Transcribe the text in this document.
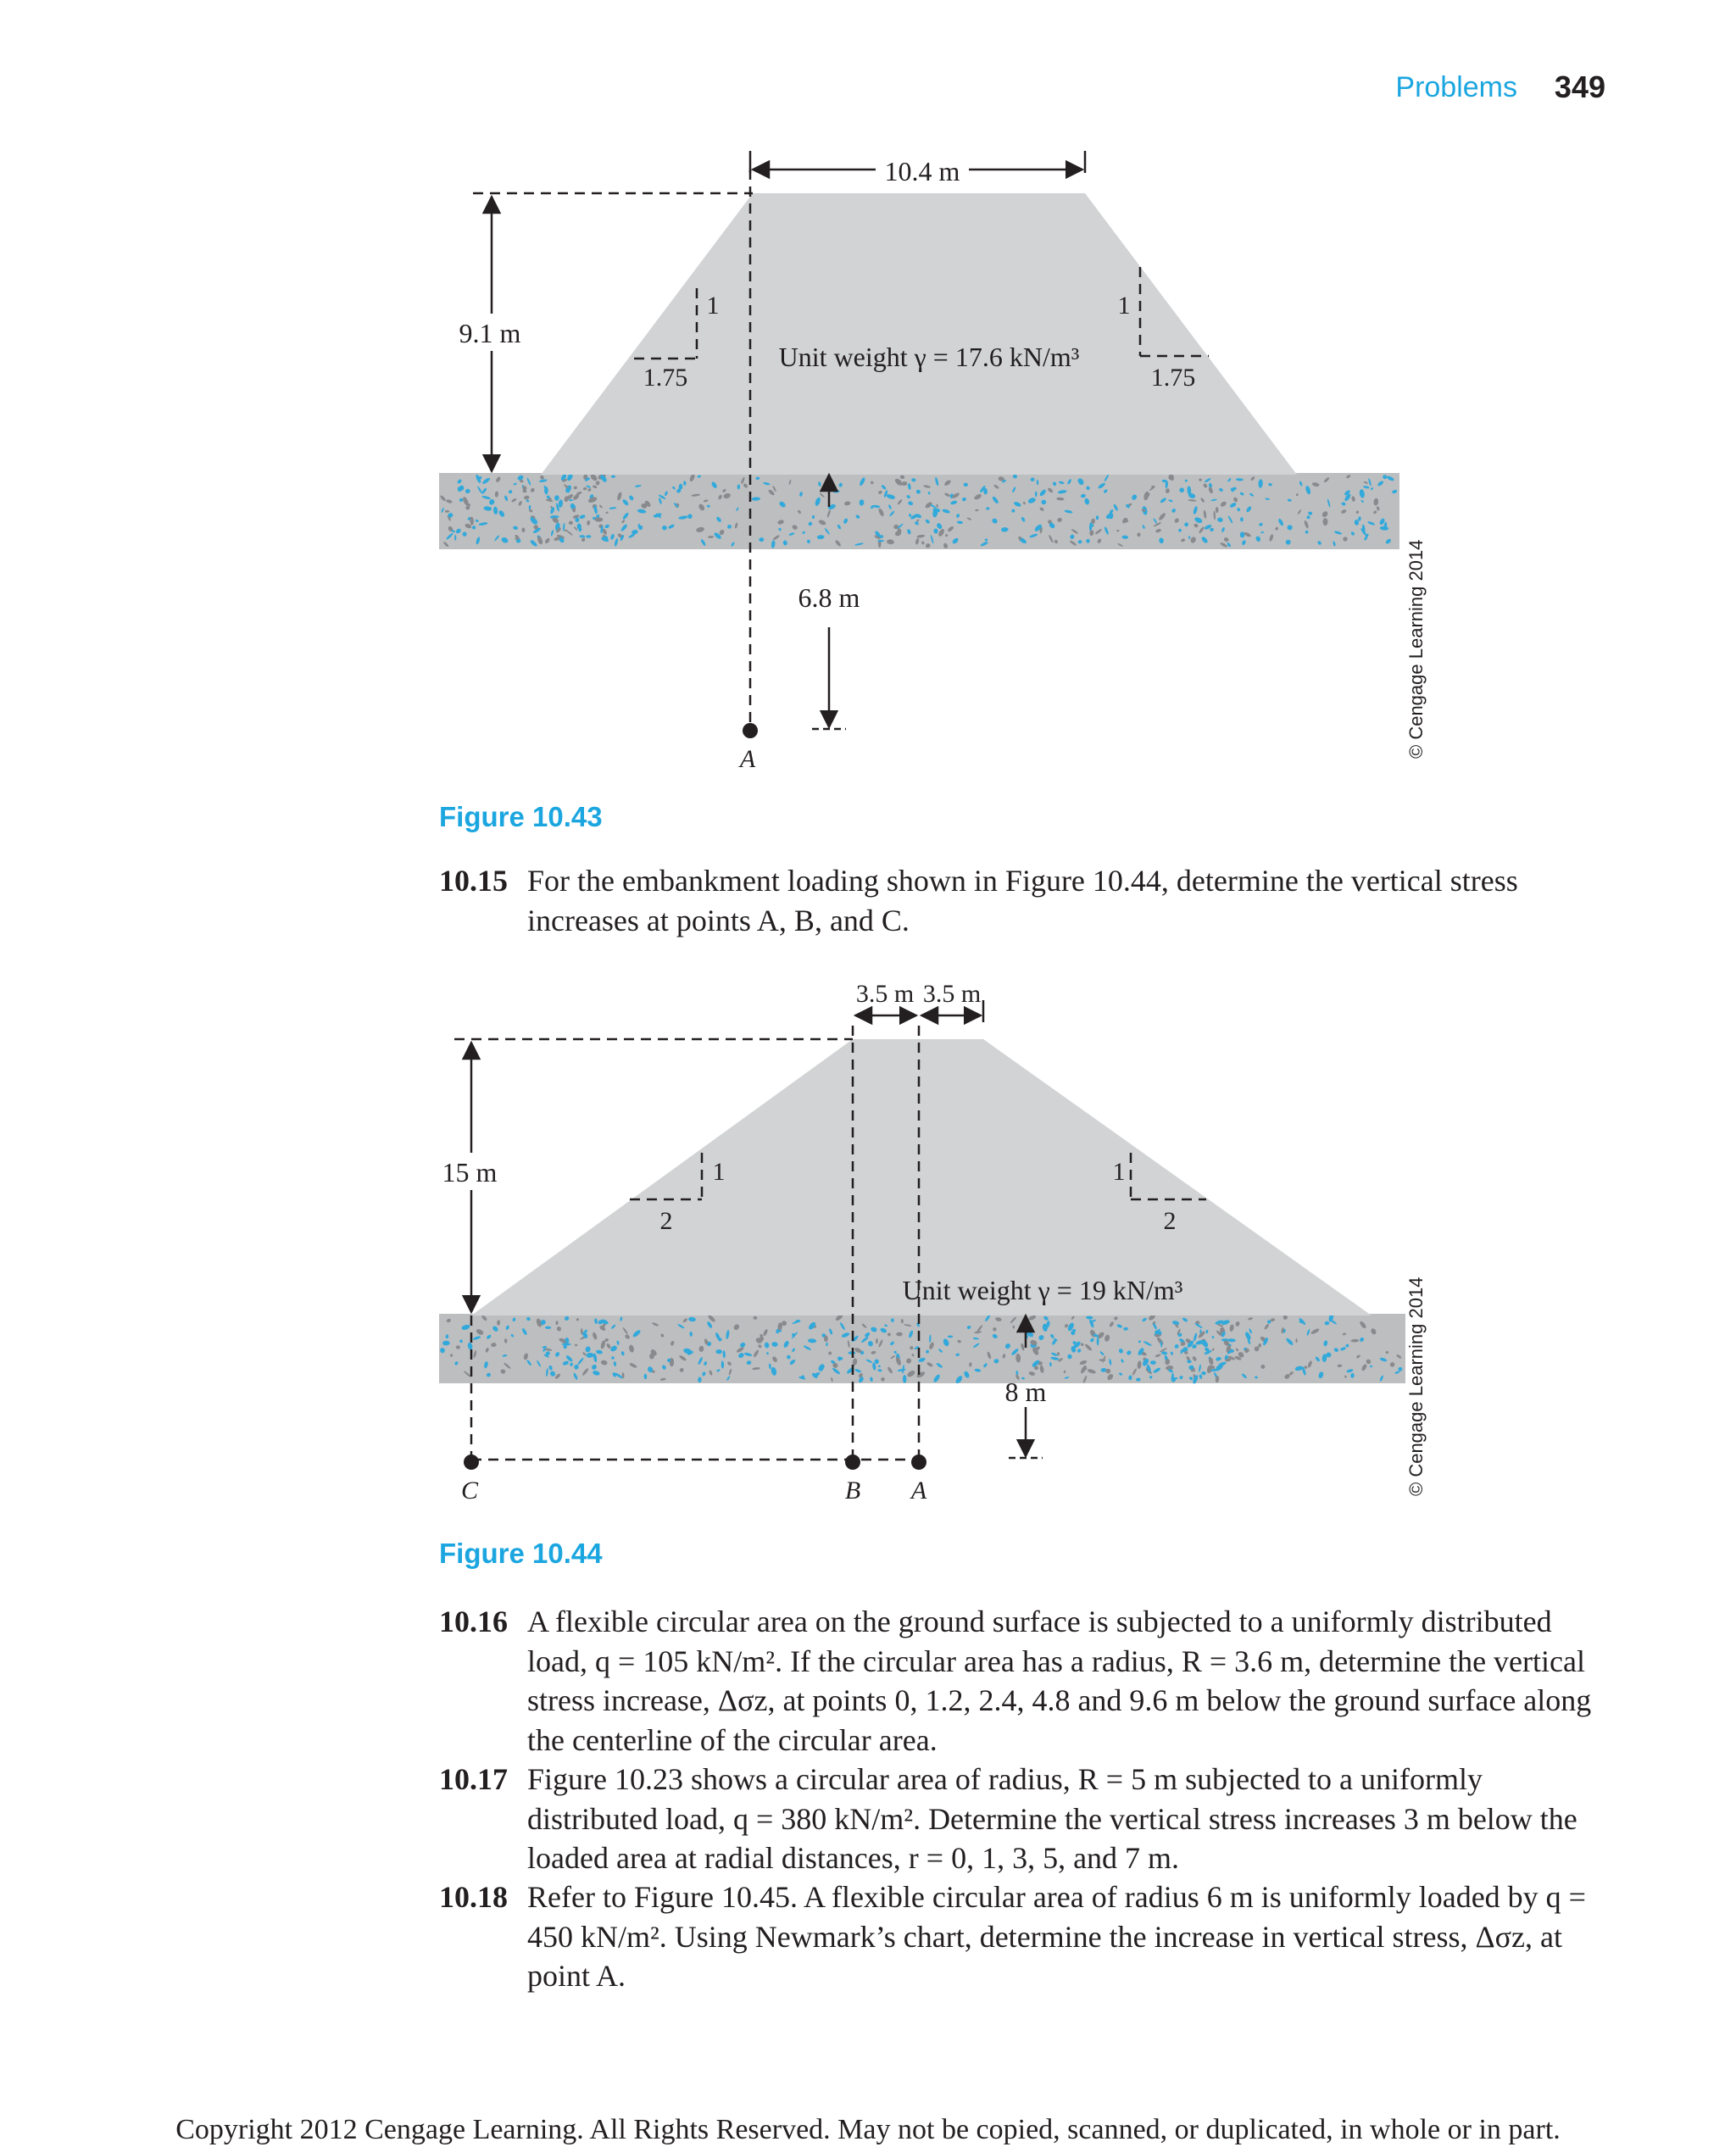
Problems	349
10.4 m
9.1 m
1
1.75
1
1.75
Unit weight γ = 17.6 kN/m³
6.8 m
A
© Cengage Learning 2014
Figure 10.43
10.15 For the embankment loading shown in Figure 10.44, determine the vertical stress increases at points A, B, and C.
3.5 m 3.5 m
15 m	1
2
1
2
Unit weight γ = 19 kN/m³
8 m
C	B A	© Cengage Learning 2014
Figure 10.44
10.16 A flexible circular area on the ground surface is subjected to a uniformly distributed load, q = 105 kN/m². If the circular area has a radius, R = 3.6 m, determine the vertical stress increase, Δσz, at points 0, 1.2, 2.4, 4.8 and 9.6 m below the ground surface along the centerline of the circular area.
10.17 Figure 10.23 shows a circular area of radius, R = 5 m subjected to a uniformly distributed load, q = 380 kN/m². Determine the vertical stress increases 3 m below the loaded area at radial distances, r = 0, 1, 3, 5, and 7 m.
10.18 Refer to Figure 10.45. A flexible circular area of radius 6 m is uniformly loaded by q = 450 kN/m². Using Newmark’s chart, determine the increase in vertical stress, Δσz, at point A.
Copyright 2012 Cengage Learning. All Rights Reserved. May not be copied, scanned, or duplicated, in whole or in part.
